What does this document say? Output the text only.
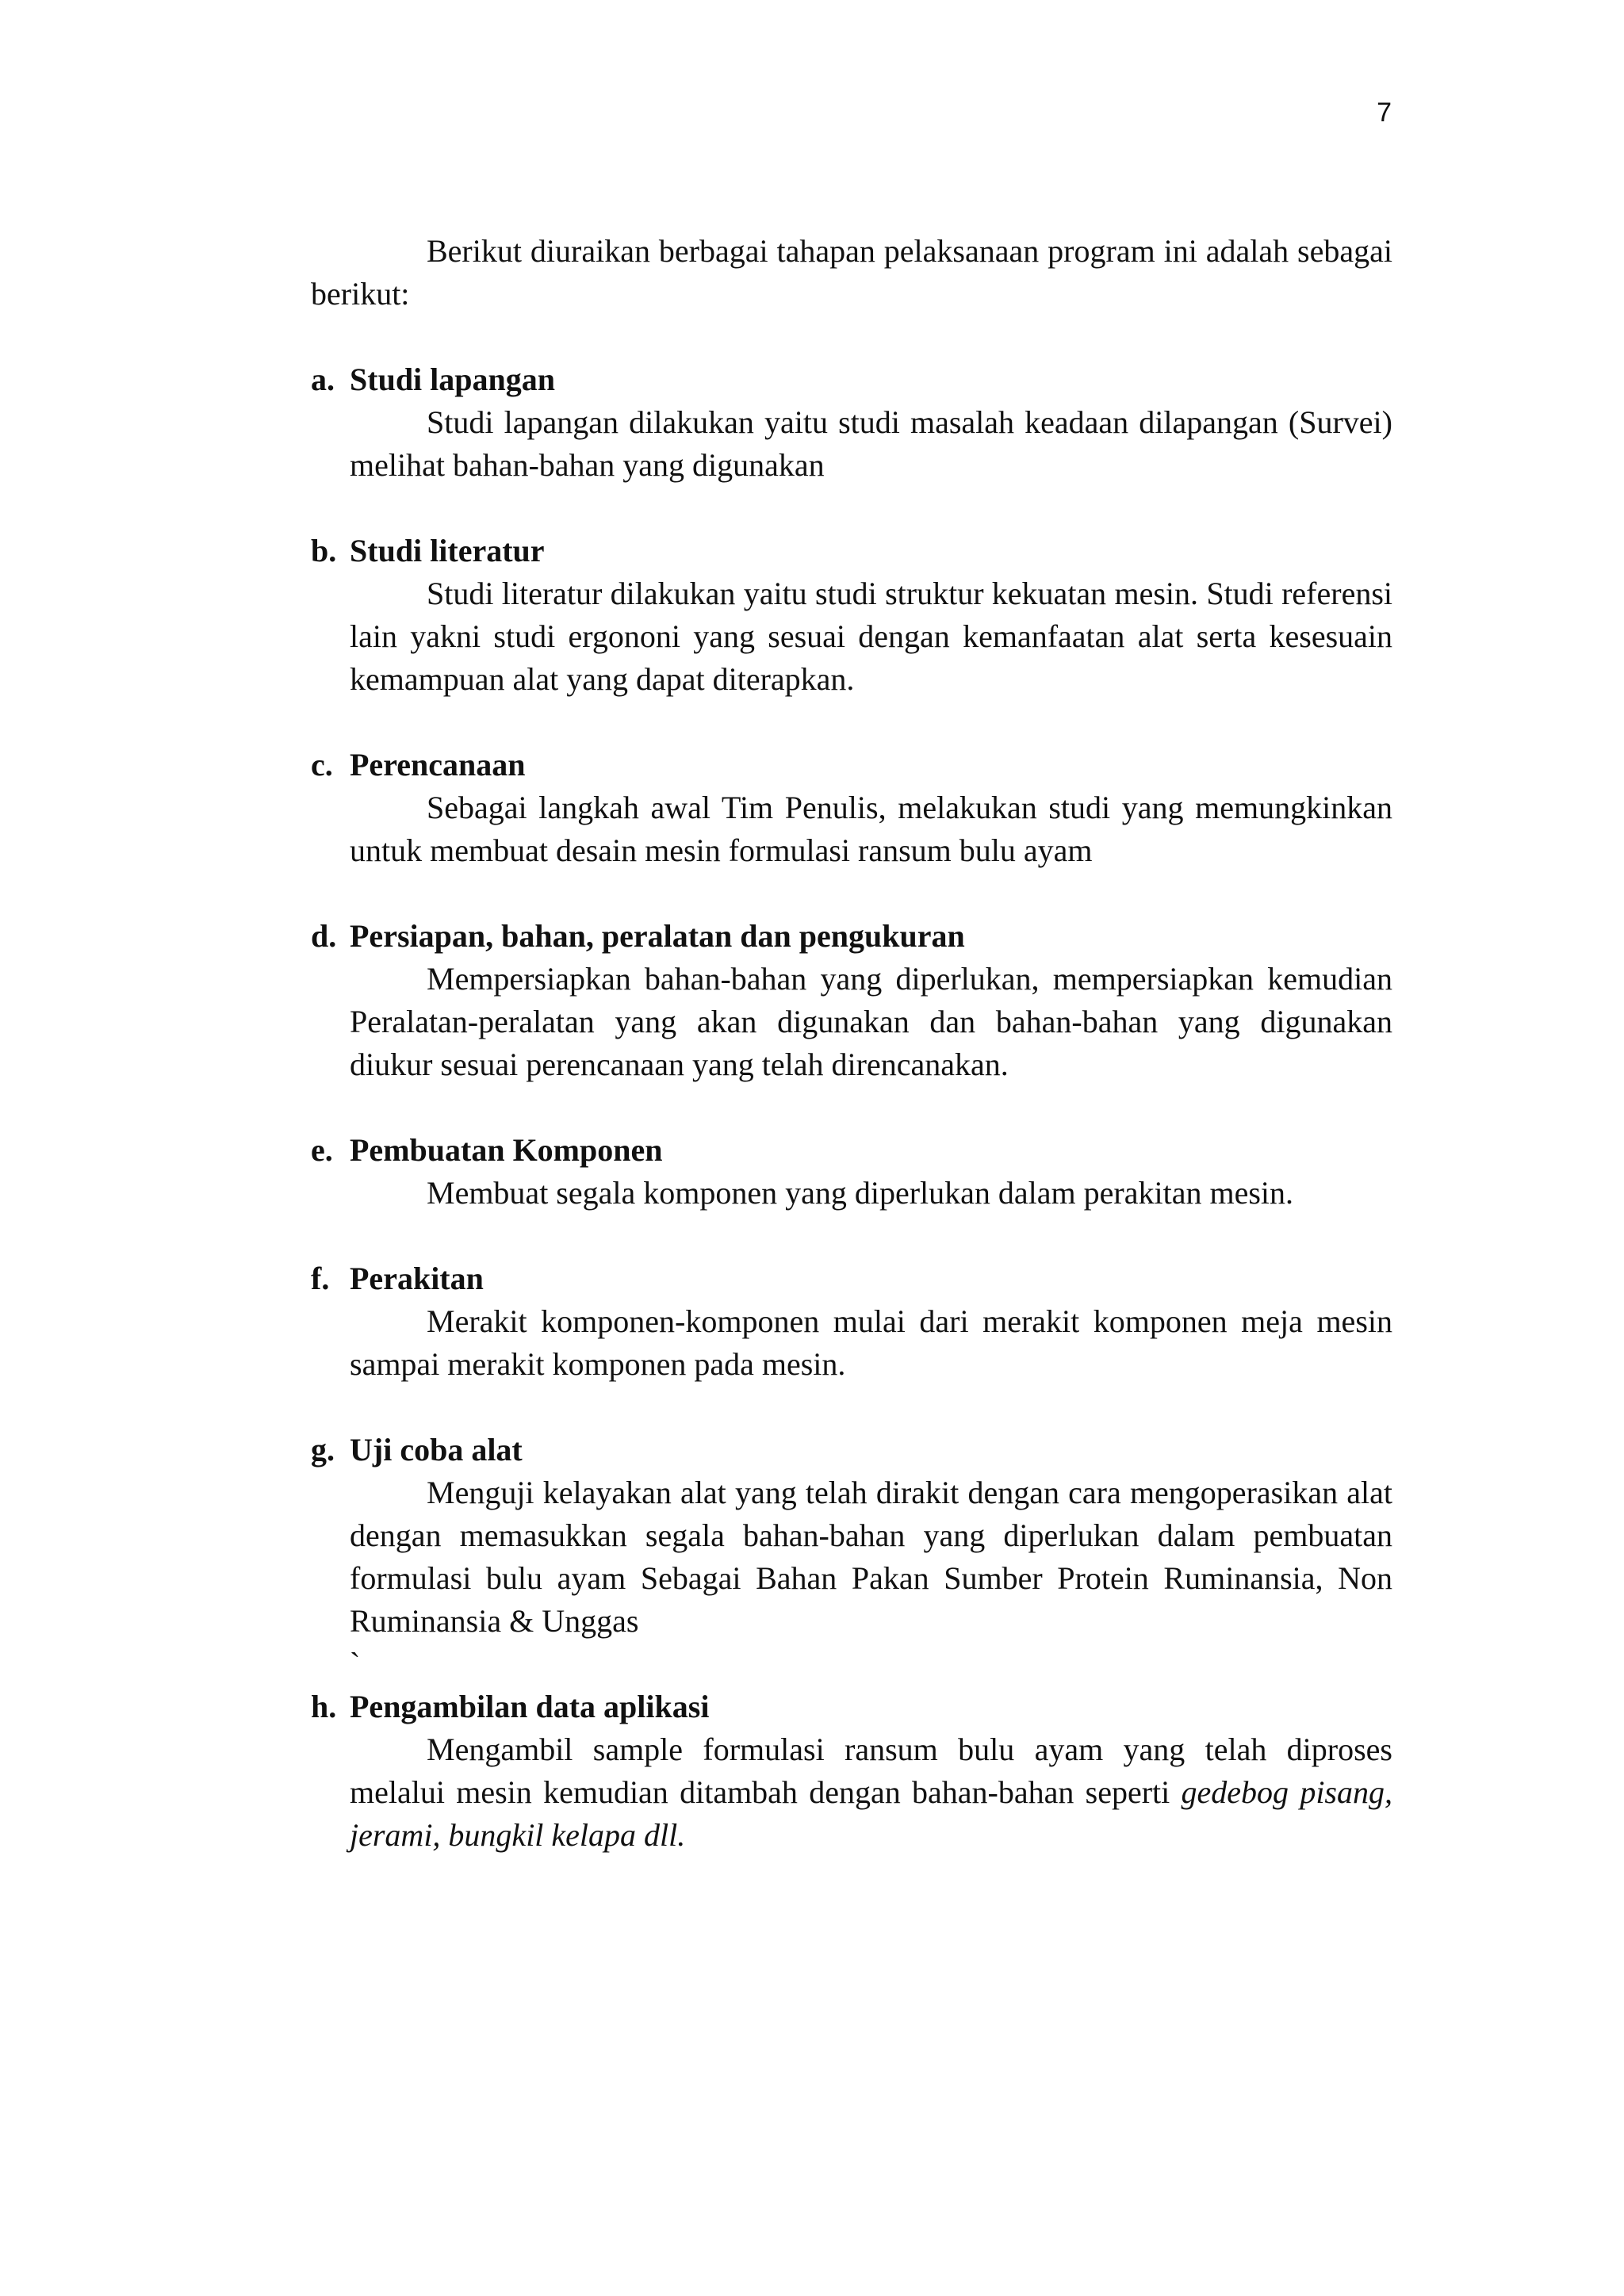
7

Berikut diuraikan berbagai tahapan pelaksanaan program ini adalah sebagai berikut:

a. Studi lapangan

Studi lapangan dilakukan yaitu studi masalah keadaan dilapangan (Survei) melihat bahan-bahan yang digunakan

b. Studi literatur

Studi literatur dilakukan yaitu studi struktur kekuatan mesin. Studi referensi lain yakni studi ergononi yang sesuai dengan kemanfaatan alat serta kesesuain kemampuan alat yang dapat diterapkan.

c. Perencanaan

Sebagai langkah awal Tim Penulis, melakukan studi yang memungkinkan untuk membuat desain mesin formulasi ransum bulu ayam

d. Persiapan, bahan, peralatan dan pengukuran

Mempersiapkan bahan-bahan yang diperlukan, mempersiapkan kemudian Peralatan-peralatan yang akan digunakan dan bahan-bahan yang digunakan diukur sesuai perencanaan yang telah direncanakan.

e. Pembuatan Komponen

Membuat segala komponen yang diperlukan dalam perakitan mesin.

f. Perakitan

Merakit komponen-komponen mulai dari merakit komponen meja mesin sampai merakit komponen pada mesin.

g. Uji coba alat

Menguji kelayakan alat yang telah dirakit dengan cara mengoperasikan alat dengan memasukkan segala bahan-bahan yang diperlukan dalam pembuatan formulasi bulu ayam Sebagai Bahan Pakan Sumber Protein Ruminansia, Non Ruminansia & Unggas

`
h. Pengambilan data aplikasi

Mengambil sample formulasi ransum bulu ayam yang telah diproses melalui mesin kemudian ditambah dengan bahan-bahan seperti gedebog pisang, jerami, bungkil kelapa dll.
